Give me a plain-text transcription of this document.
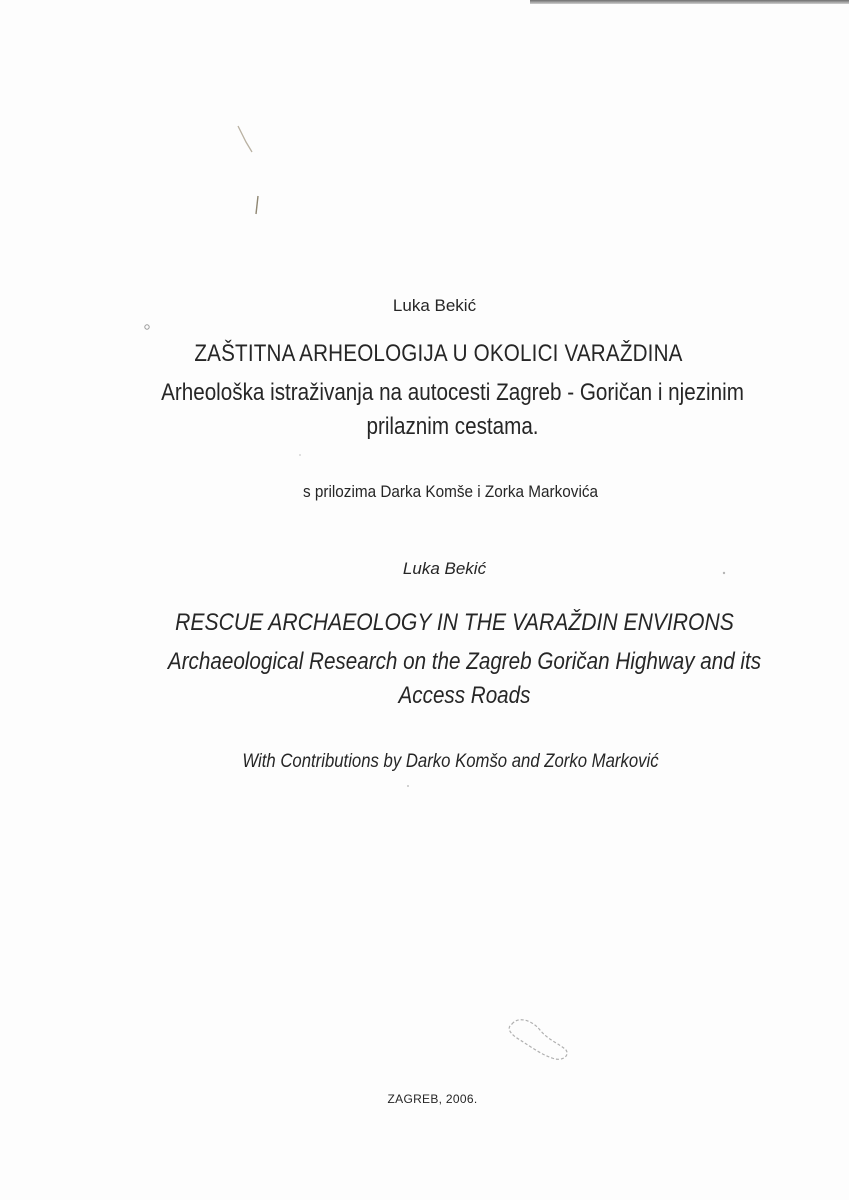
Luka Bekić
ZAŠTITNA ARHEOLOGIJA U OKOLICI VARAŽDINA
Arheološka istraživanja na autocesti Zagreb - Goričan i njezinim
prilaznim cestama.
s prilozima Darka Komše i Zorka Markovića
Luka Bekić
RESCUE ARCHAEOLOGY IN THE VARAŽDIN ENVIRONS
Archaeological Research on the Zagreb Goričan Highway and its
Access Roads
With Contributions by Darko Komšo and Zorko Marković
ZAGREB, 2006.
